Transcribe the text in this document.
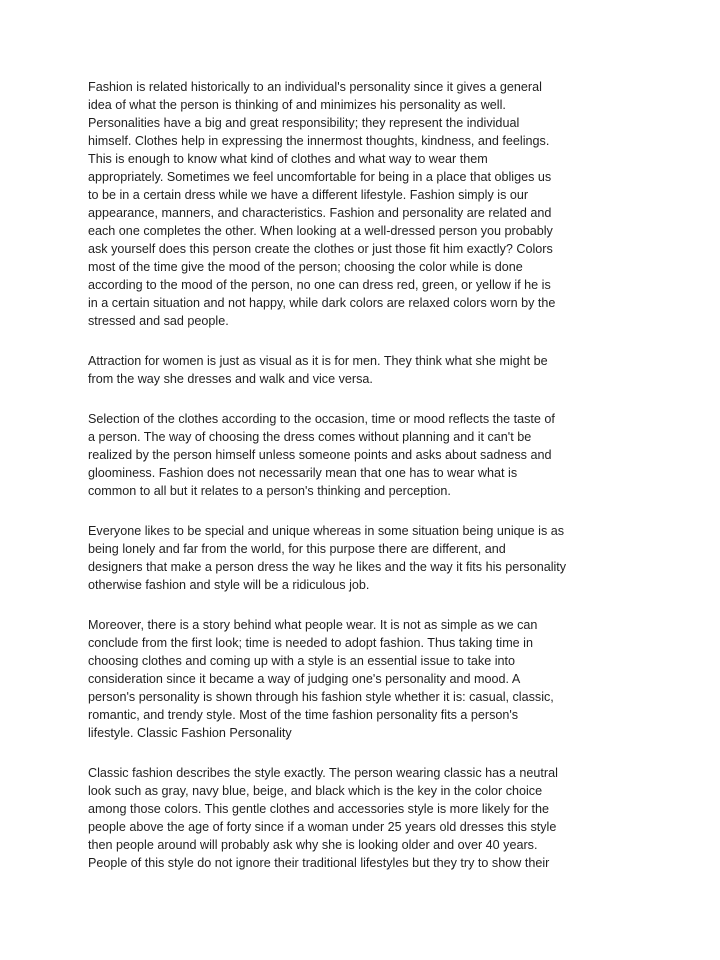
Fashion is related historically to an individual's personality since it gives a general
idea of what the person is thinking of and minimizes his personality as well.
Personalities have a big and great responsibility; they represent the individual
himself. Clothes help in expressing the innermost thoughts, kindness, and feelings.
This is enough to know what kind of clothes and what way to wear them
appropriately. Sometimes we feel uncomfortable for being in a place that obliges us
to be in a certain dress while we have a different lifestyle. Fashion simply is our
appearance, manners, and characteristics. Fashion and personality are related and
each one completes the other. When looking at a well-dressed person you probably
ask yourself does this person create the clothes or just those fit him exactly? Colors
most of the time give the mood of the person; choosing the color while is done
according to the mood of the person, no one can dress red, green, or yellow if he is
in a certain situation and not happy, while dark colors are relaxed colors worn by the
stressed and sad people.

Attraction for women is just as visual as it is for men. They think what she might be
from the way she dresses and walk and vice versa.

Selection of the clothes according to the occasion, time or mood reflects the taste of
a person. The way of choosing the dress comes without planning and it can't be
realized by the person himself unless someone points and asks about sadness and
gloominess. Fashion does not necessarily mean that one has to wear what is
common to all but it relates to a person's thinking and perception.

Everyone likes to be special and unique whereas in some situation being unique is as
being lonely and far from the world, for this purpose there are different, and
designers that make a person dress the way he likes and the way it fits his personality
otherwise fashion and style will be a ridiculous job.

Moreover, there is a story behind what people wear. It is not as simple as we can
conclude from the first look; time is needed to adopt fashion. Thus taking time in
choosing clothes and coming up with a style is an essential issue to take into
consideration since it became a way of judging one's personality and mood. A
person's personality is shown through his fashion style whether it is: casual, classic,
romantic, and trendy style. Most of the time fashion personality fits a person's
lifestyle. Classic Fashion Personality

Classic fashion describes the style exactly. The person wearing classic has a neutral
look such as gray, navy blue, beige, and black which is the key in the color choice
among those colors. This gentle clothes and accessories style is more likely for the
people above the age of forty since if a woman under 25 years old dresses this style
then people around will probably ask why she is looking older and over 40 years.
People of this style do not ignore their traditional lifestyles but they try to show their
